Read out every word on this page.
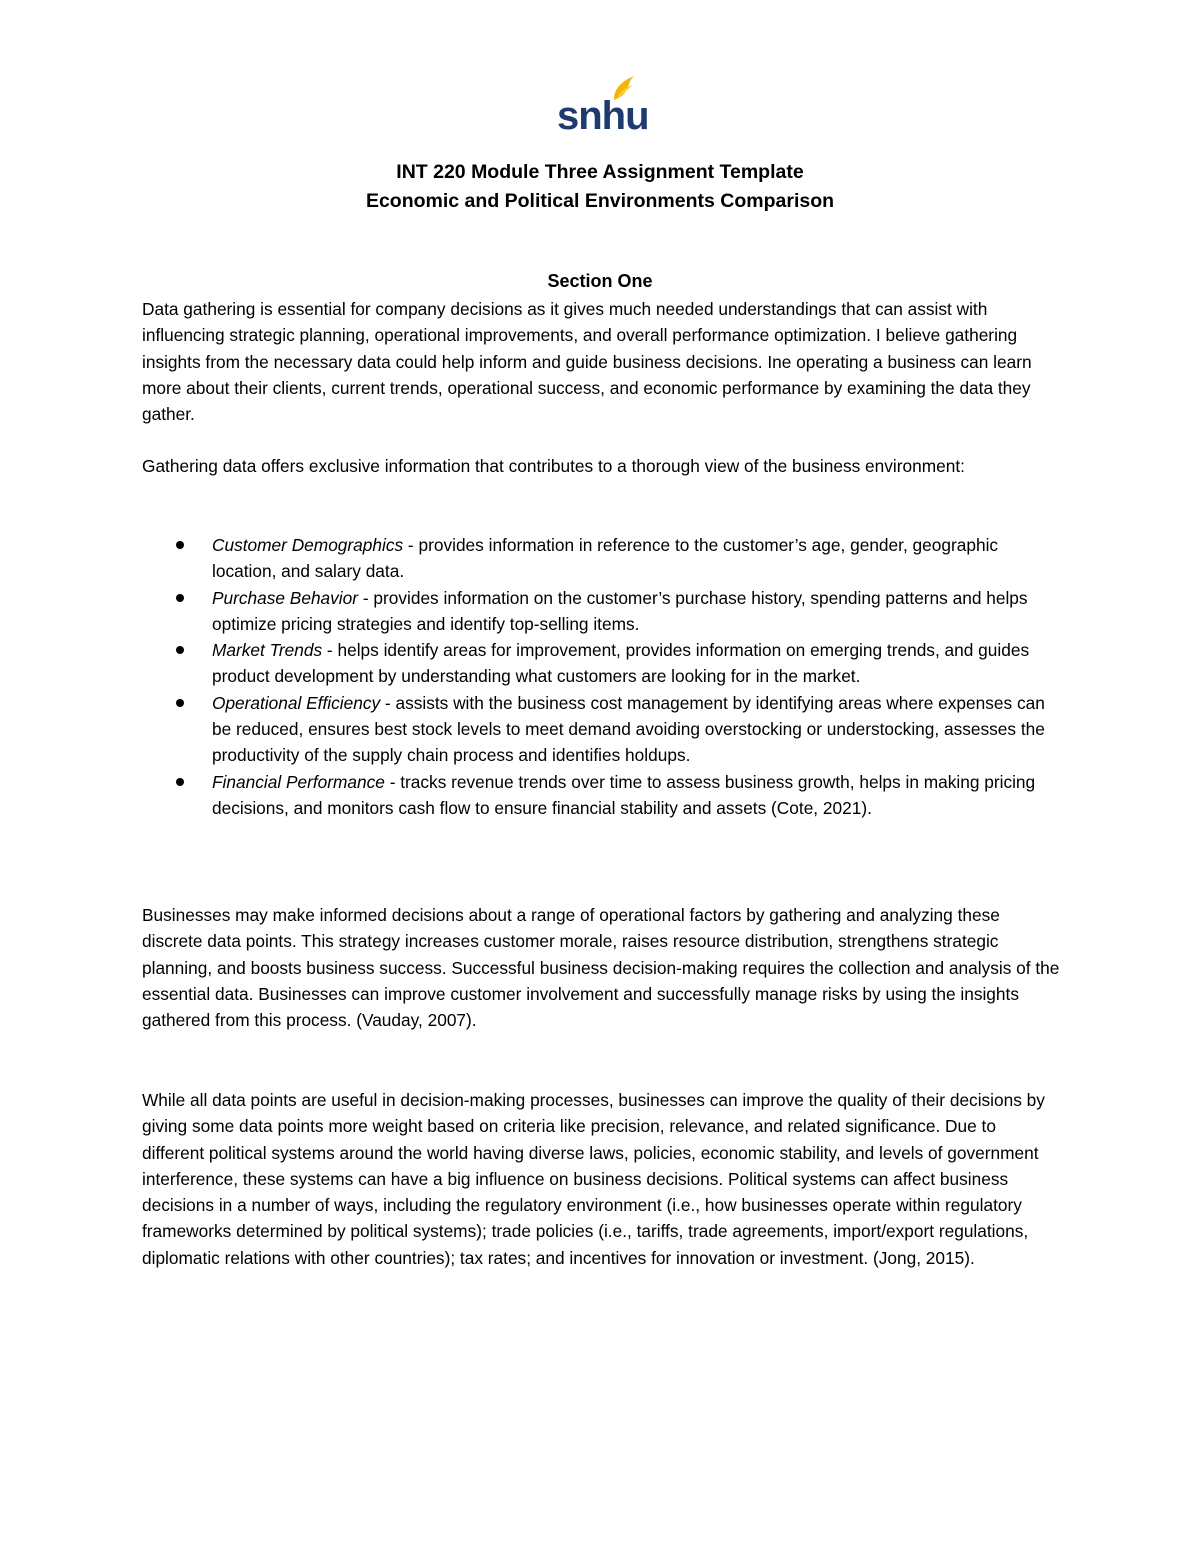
snhu
INT 220 Module Three Assignment Template
Economic and Political Environments Comparison
Section One

Data gathering is essential for company decisions as it gives much needed understandings that can assist with influencing strategic planning, operational improvements, and overall performance optimization. I believe gathering insights from the necessary data could help inform and guide business decisions. Ine operating a business can learn more about their clients, current trends, operational success, and economic performance by examining the data they gather.

Gathering data offers exclusive information that contributes to a thorough view of the business environment:

Customer Demographics - provides information in reference to the customer’s age, gender, geographic location, and salary data.
Purchase Behavior - provides information on the customer’s purchase history, spending patterns and helps optimize pricing strategies and identify top-selling items.
Market Trends - helps identify areas for improvement, provides information on emerging trends, and guides product development by understanding what customers are looking for in the market.
Operational Efficiency - assists with the business cost management by identifying areas where expenses can be reduced, ensures best stock levels to meet demand avoiding overstocking or understocking, assesses the productivity of the supply chain process and identifies holdups.
Financial Performance - tracks revenue trends over time to assess business growth, helps in making pricing decisions, and monitors cash flow to ensure financial stability and assets (Cote, 2021).

Businesses may make informed decisions about a range of operational factors by gathering and analyzing these discrete data points. This strategy increases customer morale, raises resource distribution, strengthens strategic planning, and boosts business success. Successful business decision-making requires the collection and analysis of the essential data. Businesses can improve customer involvement and successfully manage risks by using the insights gathered from this process. (Vauday, 2007).

While all data points are useful in decision-making processes, businesses can improve the quality of their decisions by giving some data points more weight based on criteria like precision, relevance, and related significance. Due to different political systems around the world having diverse laws, policies, economic stability, and levels of government interference, these systems can have a big influence on business decisions. Political systems can affect business decisions in a number of ways, including the regulatory environment (i.e., how businesses operate within regulatory frameworks determined by political systems); trade policies (i.e., tariffs, trade agreements, import/export regulations, diplomatic relations with other countries); tax rates; and incentives for innovation or investment. (Jong, 2015).
